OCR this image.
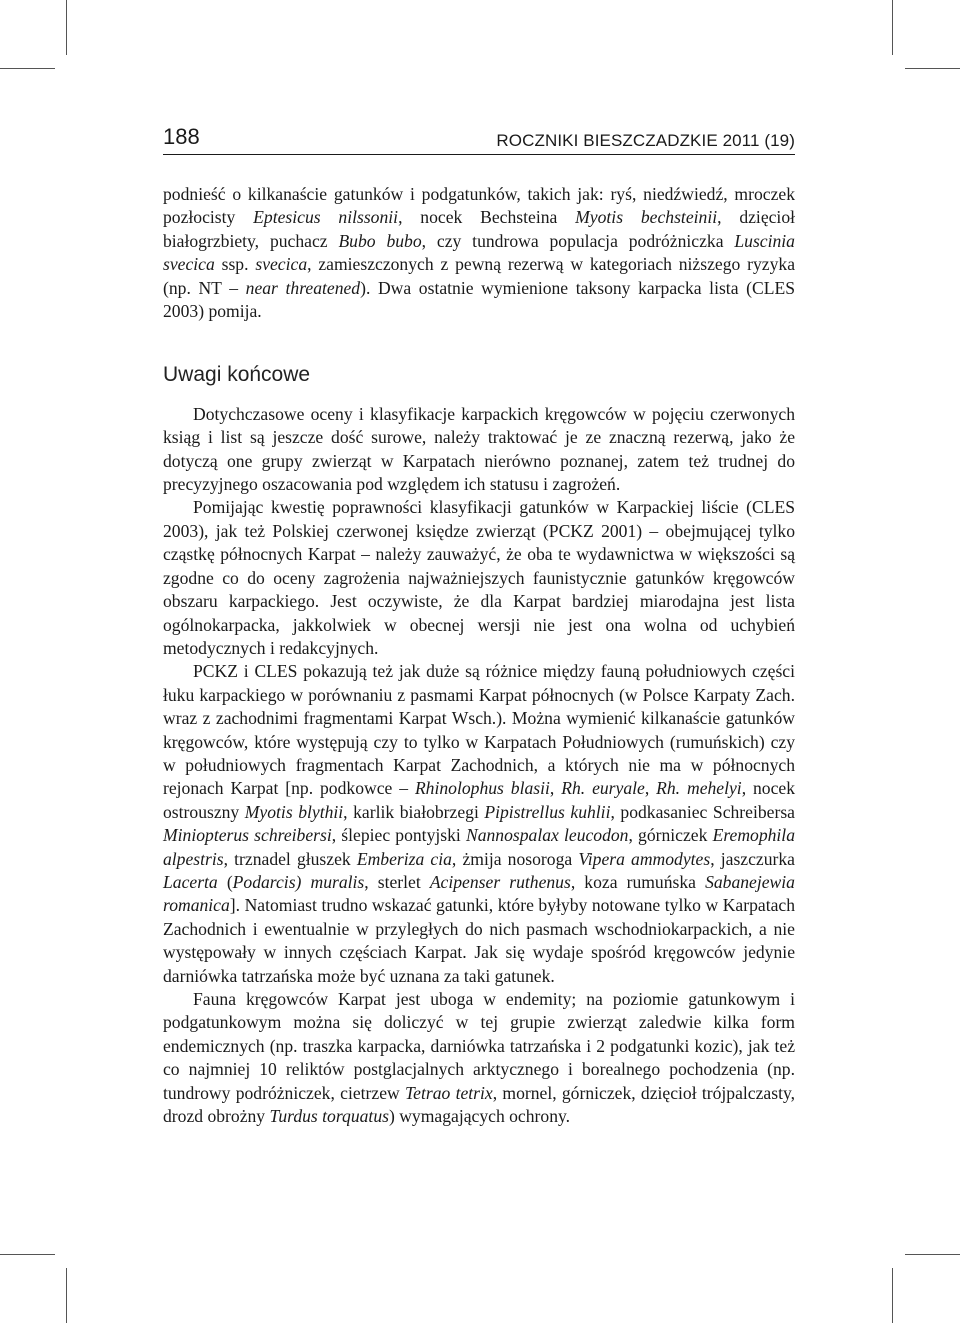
188	ROCZNIKI BIESZCZADZKIE 2011 (19)

podnieść o kilkanaście gatunków i podgatunków, takich jak: ryś, niedźwiedź, mroczek pozłocisty Eptesicus nilssonii, nocek Bechsteina Myotis bechsteinii, dzięcioł białogrzbiety, puchacz Bubo bubo, czy tundrowa populacja podróżniczka Luscinia svecica ssp. svecica, zamieszczonych z pewną rezerwą w kategoriach niższego ryzyka (np. NT – near threatened). Dwa ostatnie wymienione taksony karpacka lista (CLES 2003) pomija.

Uwagi końcowe

Dotychczasowe oceny i klasyfikacje karpackich kręgowców w pojęciu czerwonych ksiąg i list są jeszcze dość surowe, należy traktować je ze znaczną rezerwą, jako że dotyczą one grupy zwierząt w Karpatach nierówno poznanej, zatem też trudnej do precyzyjnego oszacowania pod względem ich statusu i zagrożeń.

Pomijając kwestię poprawności klasyfikacji gatunków w Karpackiej liście (CLES 2003), jak też Polskiej czerwonej księdze zwierząt (PCKZ 2001) – obejmującej tylko cząstkę północnych Karpat – należy zauważyć, że oba te wydawnictwa w większości są zgodne co do oceny zagrożenia najważniejszych faunistycznie gatunków kręgowców obszaru karpackiego. Jest oczywiste, że dla Karpat bardziej miarodajna jest lista ogólnokarpacka, jakkolwiek w obecnej wersji nie jest ona wolna od uchybień metodycznych i redakcyjnych.

PCKZ i CLES pokazują też jak duże są różnice między fauną południowych części łuku karpackiego w porównaniu z pasmami Karpat północnych (w Polsce Karpaty Zach. wraz z zachodnimi fragmentami Karpat Wsch.). Można wymienić kilkanaście gatunków kręgowców, które występują czy to tylko w Karpatach Południowych (rumuńskich) czy w południowych fragmentach Karpat Zachodnich, a których nie ma w północnych rejonach Karpat [np. podkowce – Rhinolophus blasii, Rh. euryale, Rh. mehelyi, nocek ostrouszny Myotis blythii, karlik białobrzegi Pipistrellus kuhlii, podkasaniec Schreibersa Miniopterus schreibersi, ślepiec pontyjski Nannospalax leucodon, górniczek Eremophila alpestris, trznadel głuszek Emberiza cia, żmija nosoroga Vipera ammodytes, jaszczurka Lacerta (Podarcis) muralis, sterlet Acipenser ruthenus, koza rumuńska Sabanejewia romanica]. Natomiast trudno wskazać gatunki, które byłyby notowane tylko w Karpatach Zachodnich i ewentualnie w przyległych do nich pasmach wschodniokarpackich, a nie występowały w innych częściach Karpat. Jak się wydaje spośród kręgowców jedynie darniówka tatrzańska może być uznana za taki gatunek.

Fauna kręgowców Karpat jest uboga w endemity; na poziomie gatunkowym i podgatunkowym można się doliczyć w tej grupie zwierząt zaledwie kilka form endemicznych (np. traszka karpacka, darniówka tatrzańska i 2 podgatunki kozic), jak też co najmniej 10 reliktów postglacjalnych arktycznego i borealnego pochodzenia (np. tundrowy podróżniczek, cietrzew Tetrao tetrix, mornel, górniczek, dzięcioł trójpalczasty, drozd obrożny Turdus torquatus) wymagających ochrony.
